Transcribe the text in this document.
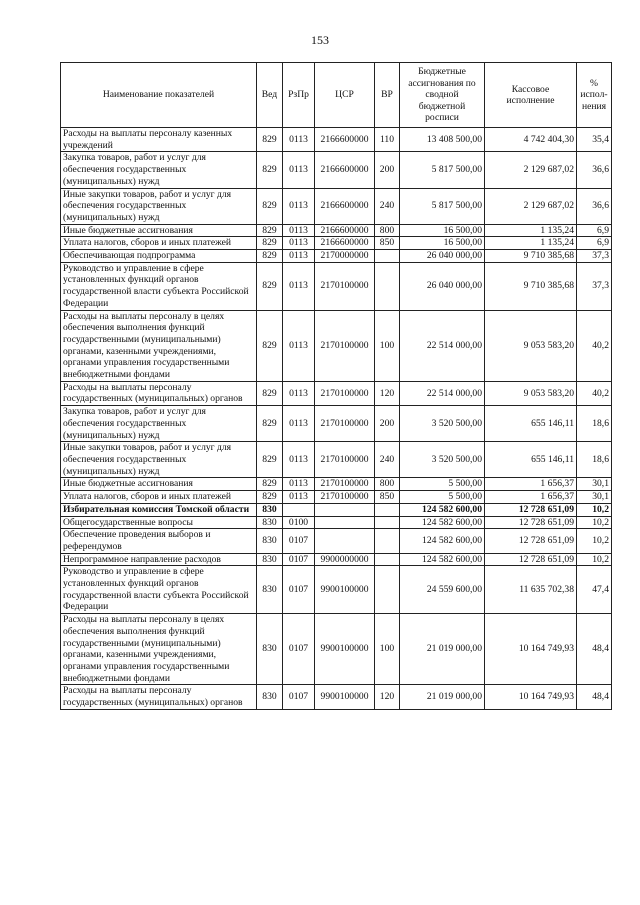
153
Наименование показателей	Вед	РзПр	ЦСР	ВР	Бюджетные ассигнования по сводной бюджетной росписи	Кассовое исполнение	% испол-нения
Расходы на выплаты персоналу казенных учреждений	829	0113	2166600000	110	13 408 500,00	4 742 404,30	35,4
Закупка товаров, работ и услуг для обеспечения государственных (муниципальных) нужд	829	0113	2166600000	200	5 817 500,00	2 129 687,02	36,6
Иные закупки товаров, работ и услуг для обеспечения государственных (муниципальных) нужд	829	0113	2166600000	240	5 817 500,00	2 129 687,02	36,6
Иные бюджетные ассигнования	829	0113	2166600000	800	16 500,00	1 135,24	6,9
Уплата налогов, сборов и иных платежей	829	0113	2166600000	850	16 500,00	1 135,24	6,9
Обеспечивающая подпрограмма	829	0113	2170000000		26 040 000,00	9 710 385,68	37,3
Руководство и управление в сфере установленных функций органов государственной власти субъекта Российской Федерации	829	0113	2170100000		26 040 000,00	9 710 385,68	37,3
Расходы на выплаты персоналу в целях обеспечения выполнения функций государственными (муниципальными) органами, казенными учреждениями, органами управления государственными внебюджетными фондами	829	0113	2170100000	100	22 514 000,00	9 053 583,20	40,2
Расходы на выплаты персоналу государственных (муниципальных) органов	829	0113	2170100000	120	22 514 000,00	9 053 583,20	40,2
Закупка товаров, работ и услуг для обеспечения государственных (муниципальных) нужд	829	0113	2170100000	200	3 520 500,00	655 146,11	18,6
Иные закупки товаров, работ и услуг для обеспечения государственных (муниципальных) нужд	829	0113	2170100000	240	3 520 500,00	655 146,11	18,6
Иные бюджетные ассигнования	829	0113	2170100000	800	5 500,00	1 656,37	30,1
Уплата налогов, сборов и иных платежей	829	0113	2170100000	850	5 500,00	1 656,37	30,1
Избирательная комиссия Томской области	830				124 582 600,00	12 728 651,09	10,2
Общегосударственные вопросы	830	0100			124 582 600,00	12 728 651,09	10,2
Обеспечение проведения выборов и референдумов	830	0107			124 582 600,00	12 728 651,09	10,2
Непрограммное направление расходов	830	0107	9900000000		124 582 600,00	12 728 651,09	10,2
Руководство и управление в сфере установленных функций органов государственной власти субъекта Российской Федерации	830	0107	9900100000		24 559 600,00	11 635 702,38	47,4
Расходы на выплаты персоналу в целях обеспечения выполнения функций государственными (муниципальными) органами, казенными учреждениями, органами управления государственными внебюджетными фондами	830	0107	9900100000	100	21 019 000,00	10 164 749,93	48,4
Расходы на выплаты персоналу государственных (муниципальных) органов	830	0107	9900100000	120	21 019 000,00	10 164 749,93	48,4
